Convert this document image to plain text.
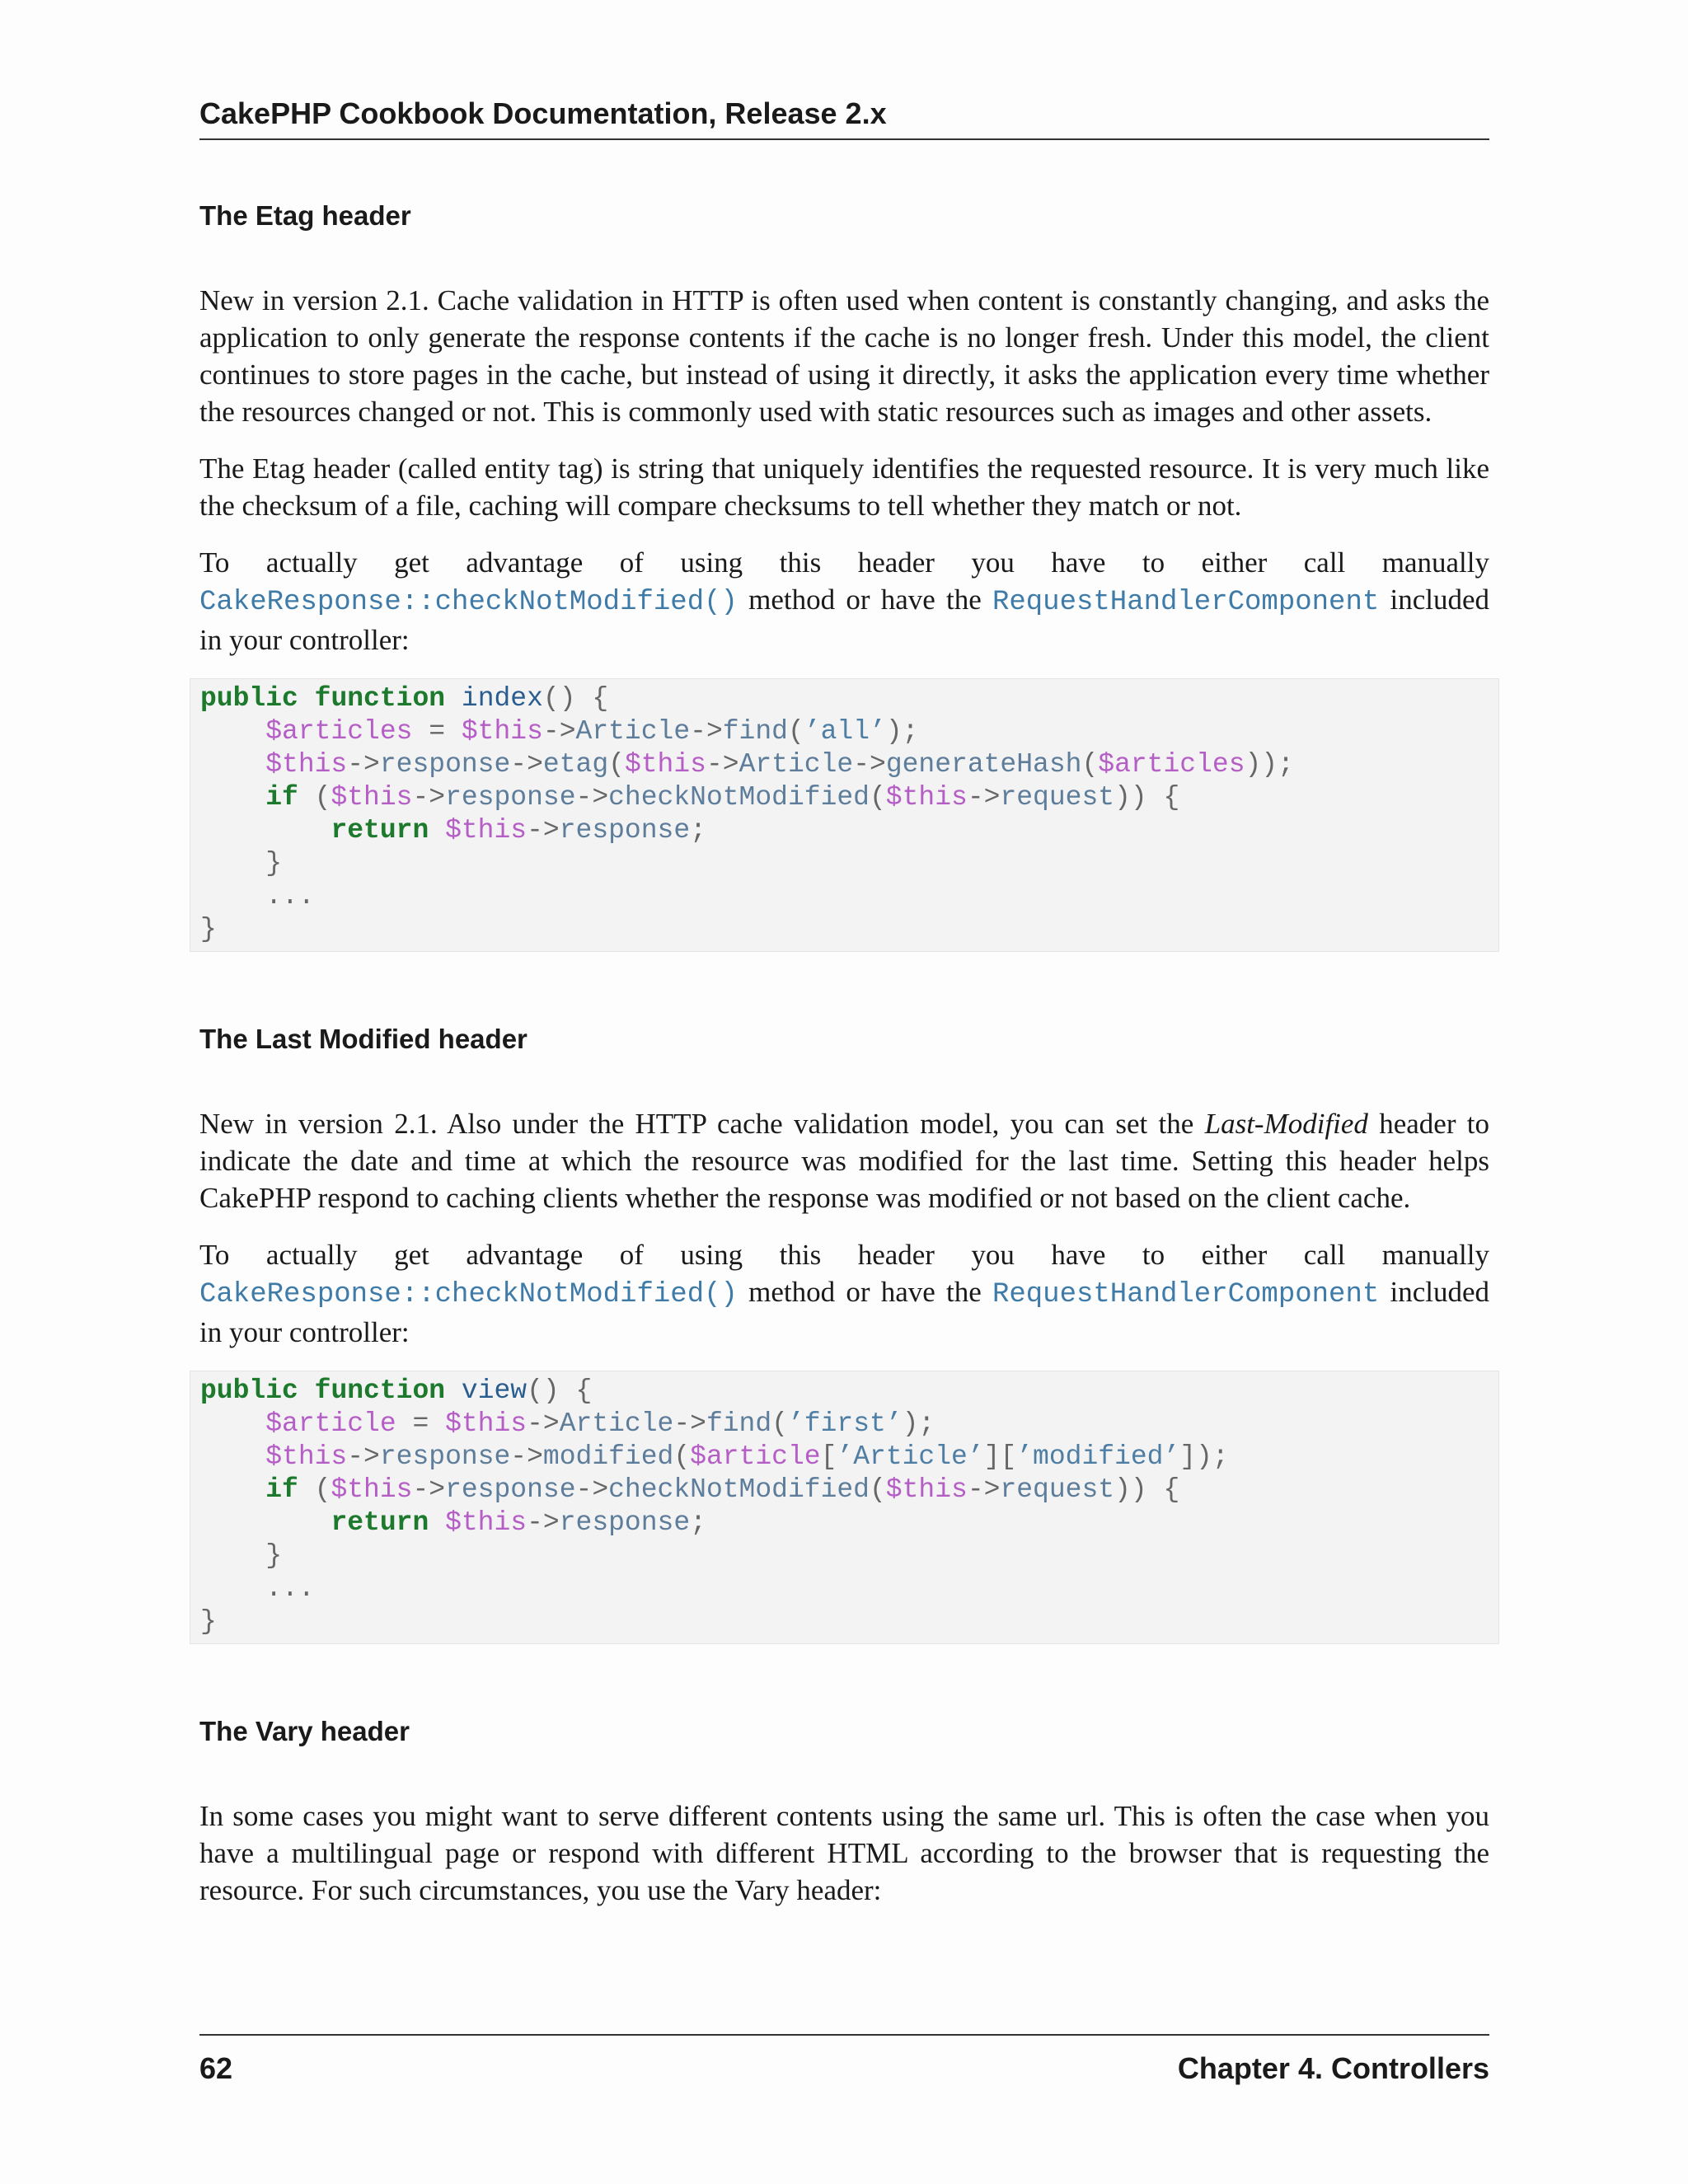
CakePHP Cookbook Documentation, Release 2.x
The Etag header

New in version 2.1. Cache validation in HTTP is often used when content is constantly changing, and asks the application to only generate the response contents if the cache is no longer fresh. Under this model, the client continues to store pages in the cache, but instead of using it directly, it asks the application every time whether the resources changed or not. This is commonly used with static resources such as images and other assets.

The Etag header (called entity tag) is string that uniquely identifies the requested resource. It is very much like the checksum of a file, caching will compare checksums to tell whether they match or not.

To actually get advantage of using this header you have to either call manually CakeResponse::checkNotModified() method or have the RequestHandlerComponent included in your controller:

public function index() {
$articles = $this->Article->find(’all’);
$this->response->etag($this->Article->generateHash($articles));
if ($this->response->checkNotModified($this->request)) {
return $this->response;
}
...
}
The Last Modified header

New in version 2.1. Also under the HTTP cache validation model, you can set the Last-Modified header to indicate the date and time at which the resource was modified for the last time. Setting this header helps CakePHP respond to caching clients whether the response was modified or not based on the client cache.

To actually get advantage of using this header you have to either call manually CakeResponse::checkNotModified() method or have the RequestHandlerComponent included in your controller:

public function view() {
$article = $this->Article->find(’first’);
$this->response->modified($article[’Article’][’modified’]);
if ($this->response->checkNotModified($this->request)) {
return $this->response;
}
...
}
The Vary header

In some cases you might want to serve different contents using the same url. This is often the case when you have a multilingual page or respond with different HTML according to the browser that is requesting the resource. For such circumstances, you use the Vary header:

62	Chapter 4. Controllers
